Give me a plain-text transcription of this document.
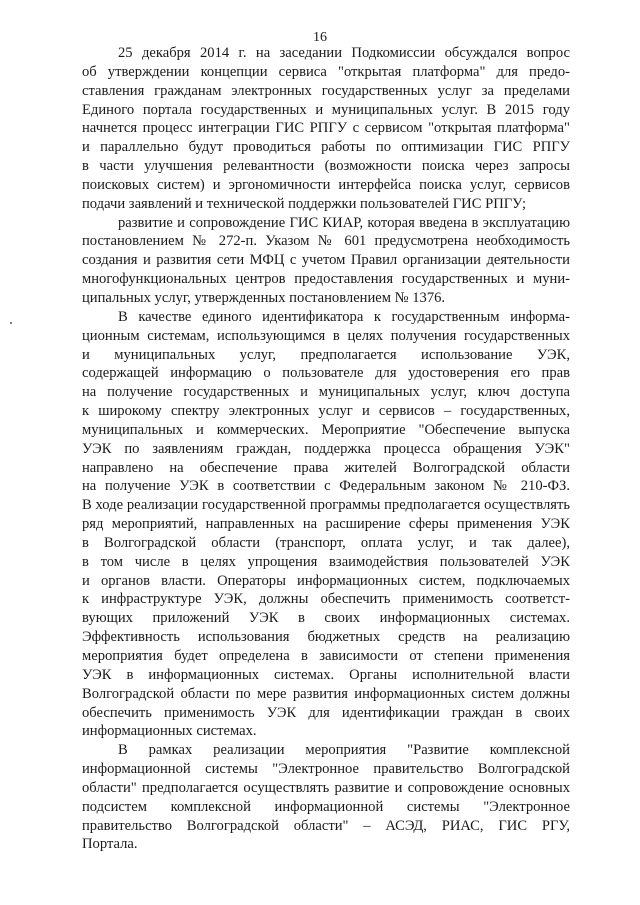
16
25 декабря 2014 г. на заседании Подкомиссии обсуждался вопрос
об утверждении концепции сервиса "открытая платформа" для предо-
ставления гражданам электронных государственных услуг за пределами
Единого портала государственных и муниципальных услуг. В 2015 году
начнется процесс интеграции ГИС РПГУ с сервисом "открытая платформа"
и параллельно будут проводиться работы по оптимизации ГИС РПГУ
в части улучшения релевантности (возможности поиска через запросы
поисковых систем) и эргономичности интерфейса поиска услуг, сервисов
подачи заявлений и технической поддержки пользователей ГИС РПГУ;
развитие и сопровождение ГИС КИАР, которая введена в эксплуатацию
постановлением № 272-п. Указом № 601 предусмотрена необходимость
создания и развития сети МФЦ с учетом Правил организации деятельности
многофункциональных центров предоставления государственных и муни-
ципальных услуг, утвержденных постановлением № 1376.
В качестве единого идентификатора к государственным информа-
ционным системам, использующимся в целях получения государственных
и муниципальных услуг, предполагается использование УЭК,
содержащей информацию о пользователе для удостоверения его прав
на получение государственных и муниципальных услуг, ключ доступа
к широкому спектру электронных услуг и сервисов – государственных,
муниципальных и коммерческих. Мероприятие "Обеспечение выпуска
УЭК по заявлениям граждан, поддержка процесса обращения УЭК"
направлено на обеспечение права жителей Волгоградской области
на получение УЭК в соответствии с Федеральным законом № 210-ФЗ.
В ходе реализации государственной программы предполагается осуществлять
ряд мероприятий, направленных на расширение сферы применения УЭК
в Волгоградской области (транспорт, оплата услуг, и так далее),
в том числе в целях упрощения взаимодействия пользователей УЭК
и органов власти. Операторы информационных систем, подключаемых
к инфраструктуре УЭК, должны обеспечить применимость соответст-
вующих приложений УЭК в своих информационных системах.
Эффективность использования бюджетных средств на реализацию
мероприятия будет определена в зависимости от степени применения
УЭК в информационных системах. Органы исполнительной власти
Волгоградской области по мере развития информационных систем должны
обеспечить применимость УЭК для идентификации граждан в своих
информационных системах.
В рамках реализации мероприятия "Развитие комплексной
информационной системы "Электронное правительство Волгоградской
области" предполагается осуществлять развитие и сопровождение основных
подсистем комплексной информационной системы "Электронное
правительство Волгоградской области" – АСЭД, РИАС, ГИС РГУ,
Портала.
